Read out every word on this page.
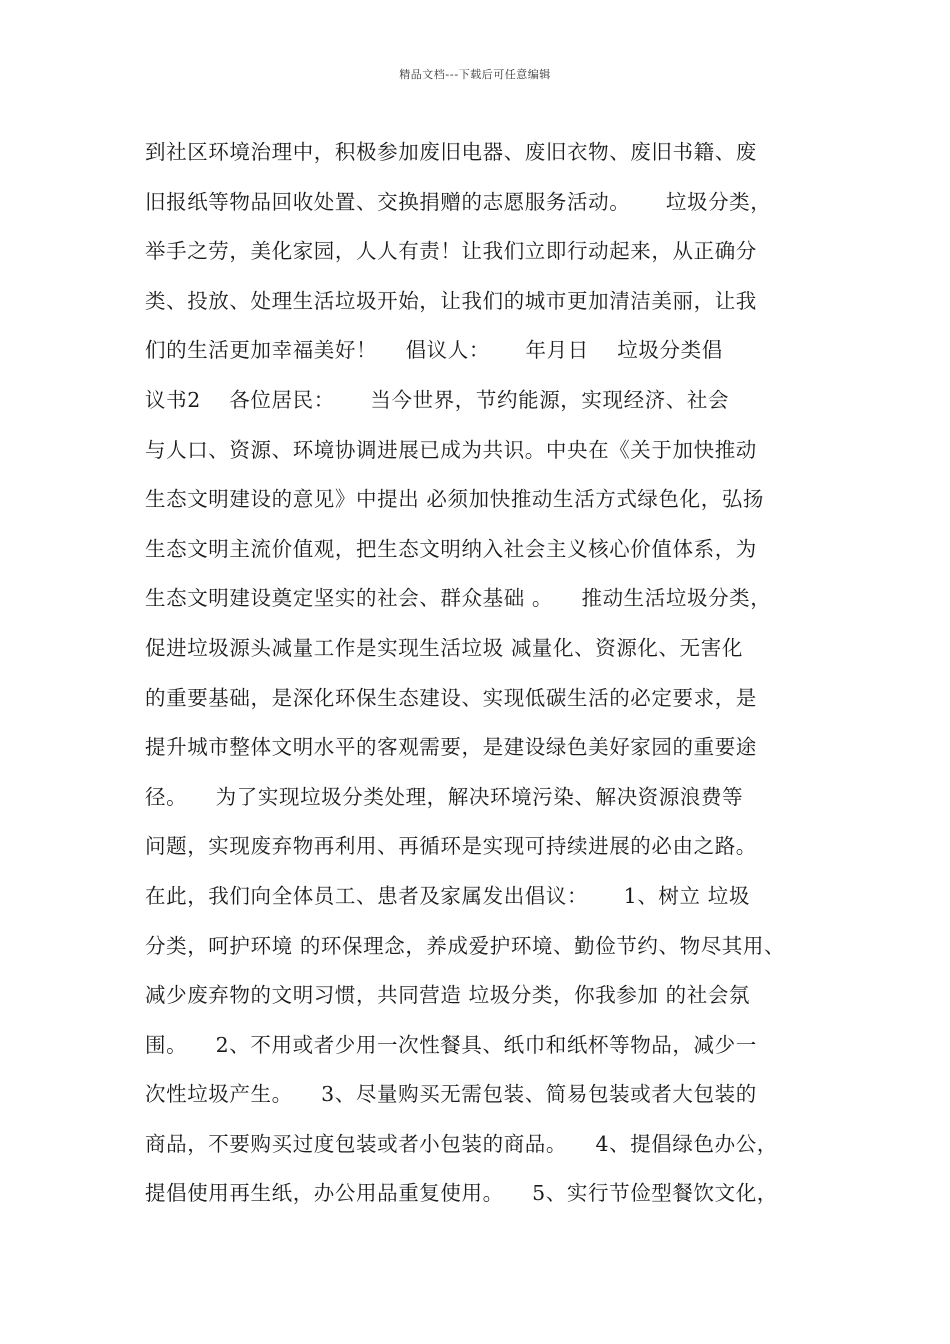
精品文档---下载后可任意编辑
到社区环境治理中，积极参加废旧电器、废旧衣物、废旧书籍、废
旧报纸等物品回收处置、交换捐赠的志愿服务活动。     垃圾分类，
举手之劳，美化家园，人人有责！让我们立即行动起来，从正确分
类、投放、处理生活垃圾开始，让我们的城市更加清洁美丽，让我
们的生活更加幸福美好！    倡议人：     年月日    垃圾分类倡
议书2    各位居民：     当今世界，节约能源，实现经济、社会
与人口、资源、环境协调进展已成为共识。中央在《关于加快推动
生态文明建设的意见》中提出 必须加快推动生活方式绿色化，弘扬
生态文明主流价值观，把生态文明纳入社会主义核心价值体系，为
生态文明建设奠定坚实的社会、群众基础 。    推动生活垃圾分类，
促进垃圾源头减量工作是实现生活垃圾 减量化、资源化、无害化
的重要基础，是深化环保生态建设、实现低碳生活的必定要求，是
提升城市整体文明水平的客观需要，是建设绿色美好家园的重要途
径。    为了实现垃圾分类处理，解决环境污染、解决资源浪费等
问题，实现废弃物再利用、再循环是实现可持续进展的必由之路。
在此，我们向全体员工、患者及家属发出倡议：     1、树立 垃圾
分类，呵护环境 的环保理念，养成爱护环境、勤俭节约、物尽其用、
减少废弃物的文明习惯，共同营造 垃圾分类，你我参加 的社会氛
围。    2、不用或者少用一次性餐具、纸巾和纸杯等物品，减少一
次性垃圾产生。    3、尽量购买无需包装、简易包装或者大包装的
商品，不要购买过度包装或者小包装的商品。    4、提倡绿色办公，
提倡使用再生纸，办公用品重复使用。    5、实行节俭型餐饮文化，
